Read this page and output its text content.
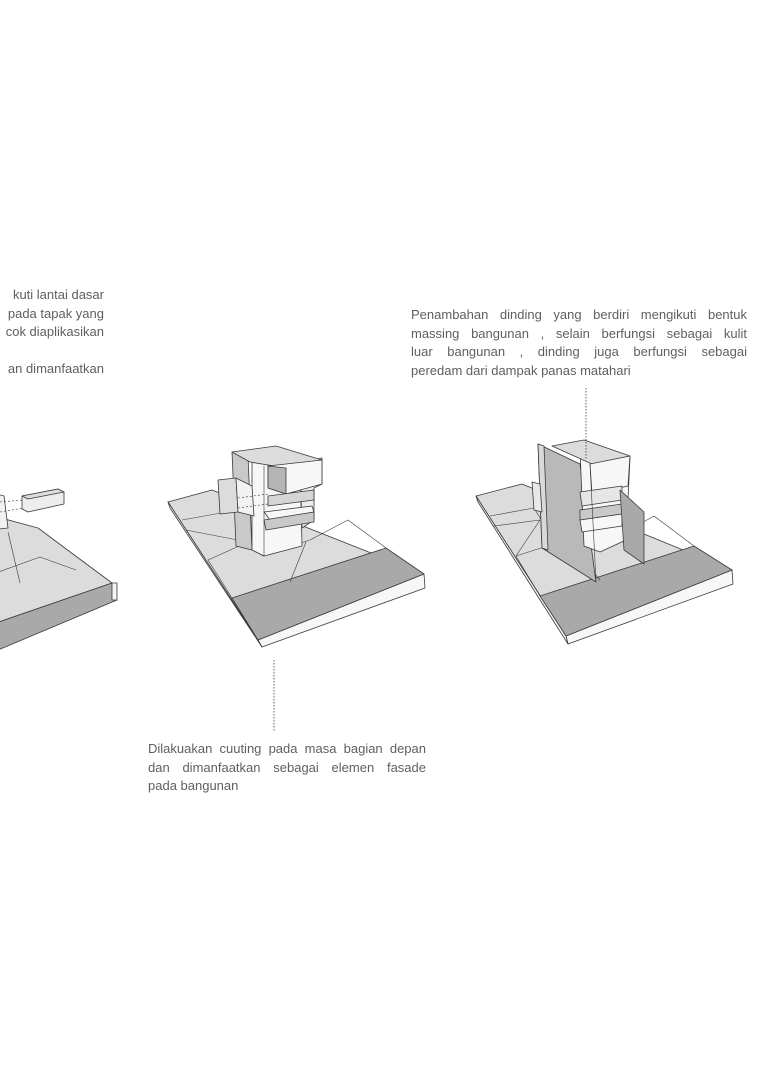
kuti lantai dasar
pada tapak yang
cok diaplikasikan
an dimanfaatkan

Penambahan dinding yang berdiri mengikuti bentuk
massing bangunan , selain berfungsi sebagai kulit
luar bangunan , dinding juga berfungsi sebagai
peredam dari dampak panas matahari

Dilakuakan cuuting pada masa bagian depan
dan dimanfaatkan sebagai elemen fasade
pada bangunan
